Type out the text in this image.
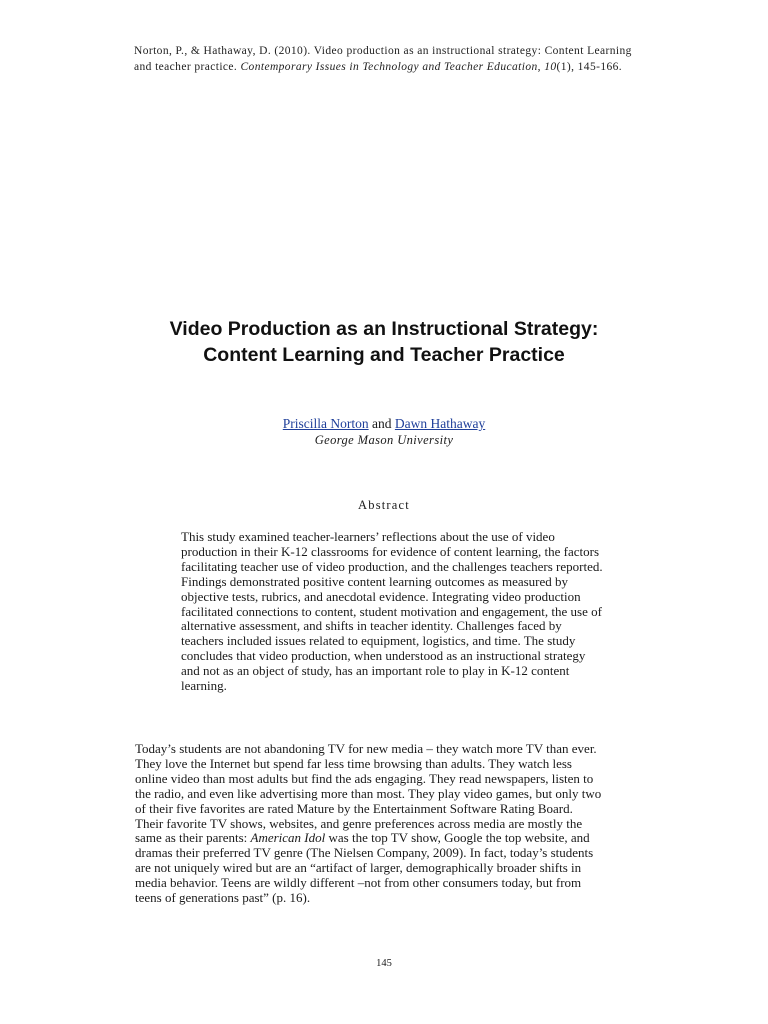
Norton, P., & Hathaway, D. (2010). Video production as an instructional strategy: Content Learning
and teacher practice. Contemporary Issues in Technology and Teacher Education, 10(1), 145-166.
Video Production as an Instructional Strategy:
Content Learning and Teacher Practice
Priscilla Norton and Dawn Hathaway
George Mason University
Abstract
This study examined teacher-learners’ reflections about the use of video
production in their K-12 classrooms for evidence of content learning, the factors
facilitating teacher use of video production, and the challenges teachers reported.
Findings demonstrated positive content learning outcomes as measured by
objective tests, rubrics, and anecdotal evidence. Integrating video production
facilitated connections to content, student motivation and engagement, the use of
alternative assessment, and shifts in teacher identity. Challenges faced by
teachers included issues related to equipment, logistics, and time. The study
concludes that video production, when understood as an instructional strategy
and not as an object of study, has an important role to play in K-12 content
learning.
Today’s students are not abandoning TV for new media – they watch more TV than ever.
They love the Internet but spend far less time browsing than adults. They watch less
online video than most adults but find the ads engaging. They read newspapers, listen to
the radio, and even like advertising more than most. They play video games, but only two
of their five favorites are rated Mature by the Entertainment Software Rating Board.
Their favorite TV shows, websites, and genre preferences across media are mostly the
same as their parents: American Idol was the top TV show, Google the top website, and
dramas their preferred TV genre (The Nielsen Company, 2009). In fact, today’s students
are not uniquely wired but are an “artifact of larger, demographically broader shifts in
media behavior. Teens are wildly different –not from other consumers today, but from
teens of generations past” (p. 16).
145
